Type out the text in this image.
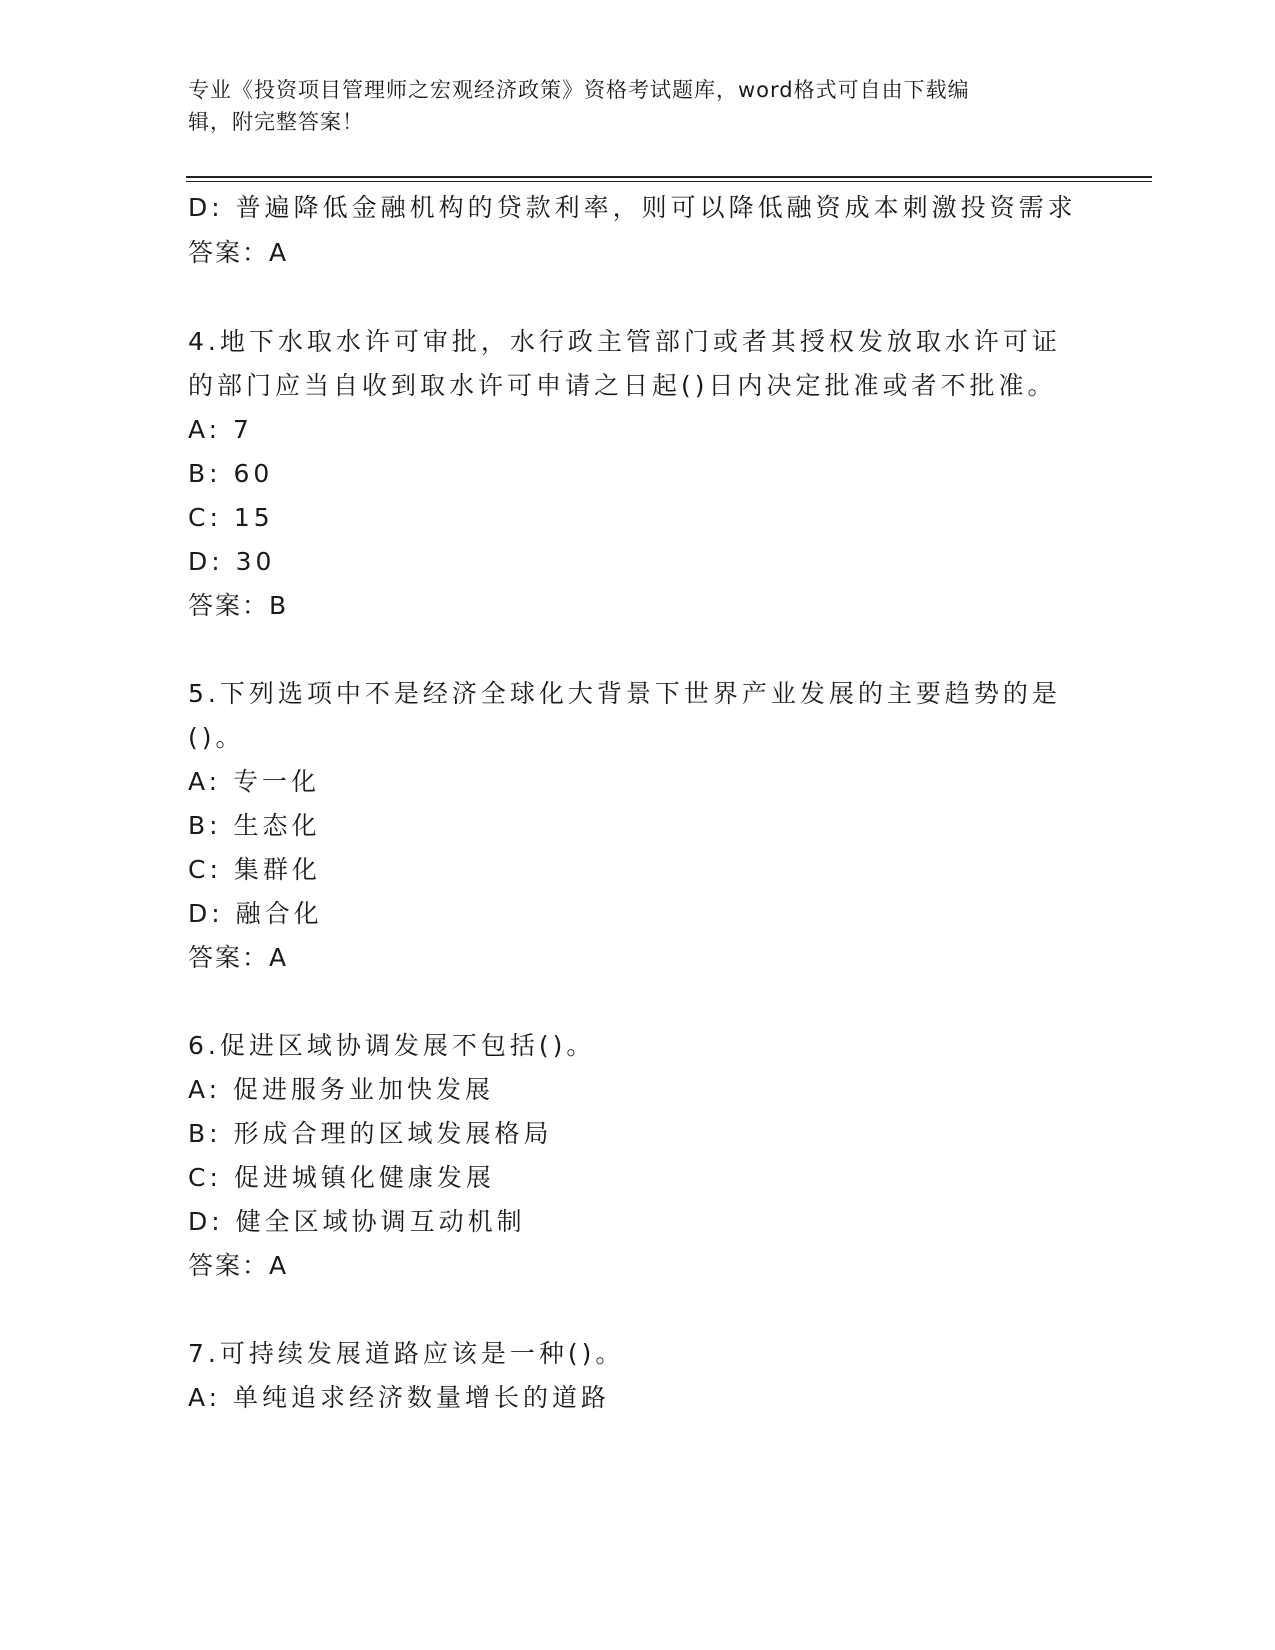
专业《投资项目管理师之宏观经济政策》资格考试题库，word格式可自由下载编
辑，附完整答案！
D: 普遍降低金融机构的贷款利率，则可以降低融资成本刺激投资需求
答案：A
4.地下水取水许可审批，水行政主管部门或者其授权发放取水许可证
的部门应当自收到取水许可申请之日起()日内决定批准或者不批准。
A: 7
B: 60
C: 15
D: 30
答案：B
5.下列选项中不是经济全球化大背景下世界产业发展的主要趋势的是
()。
A: 专一化
B: 生态化
C: 集群化
D: 融合化
答案：A
6.促进区域协调发展不包括()。
A: 促进服务业加快发展
B: 形成合理的区域发展格局
C: 促进城镇化健康发展
D: 健全区域协调互动机制
答案：A
7.可持续发展道路应该是一种()。
A: 单纯追求经济数量增长的道路
